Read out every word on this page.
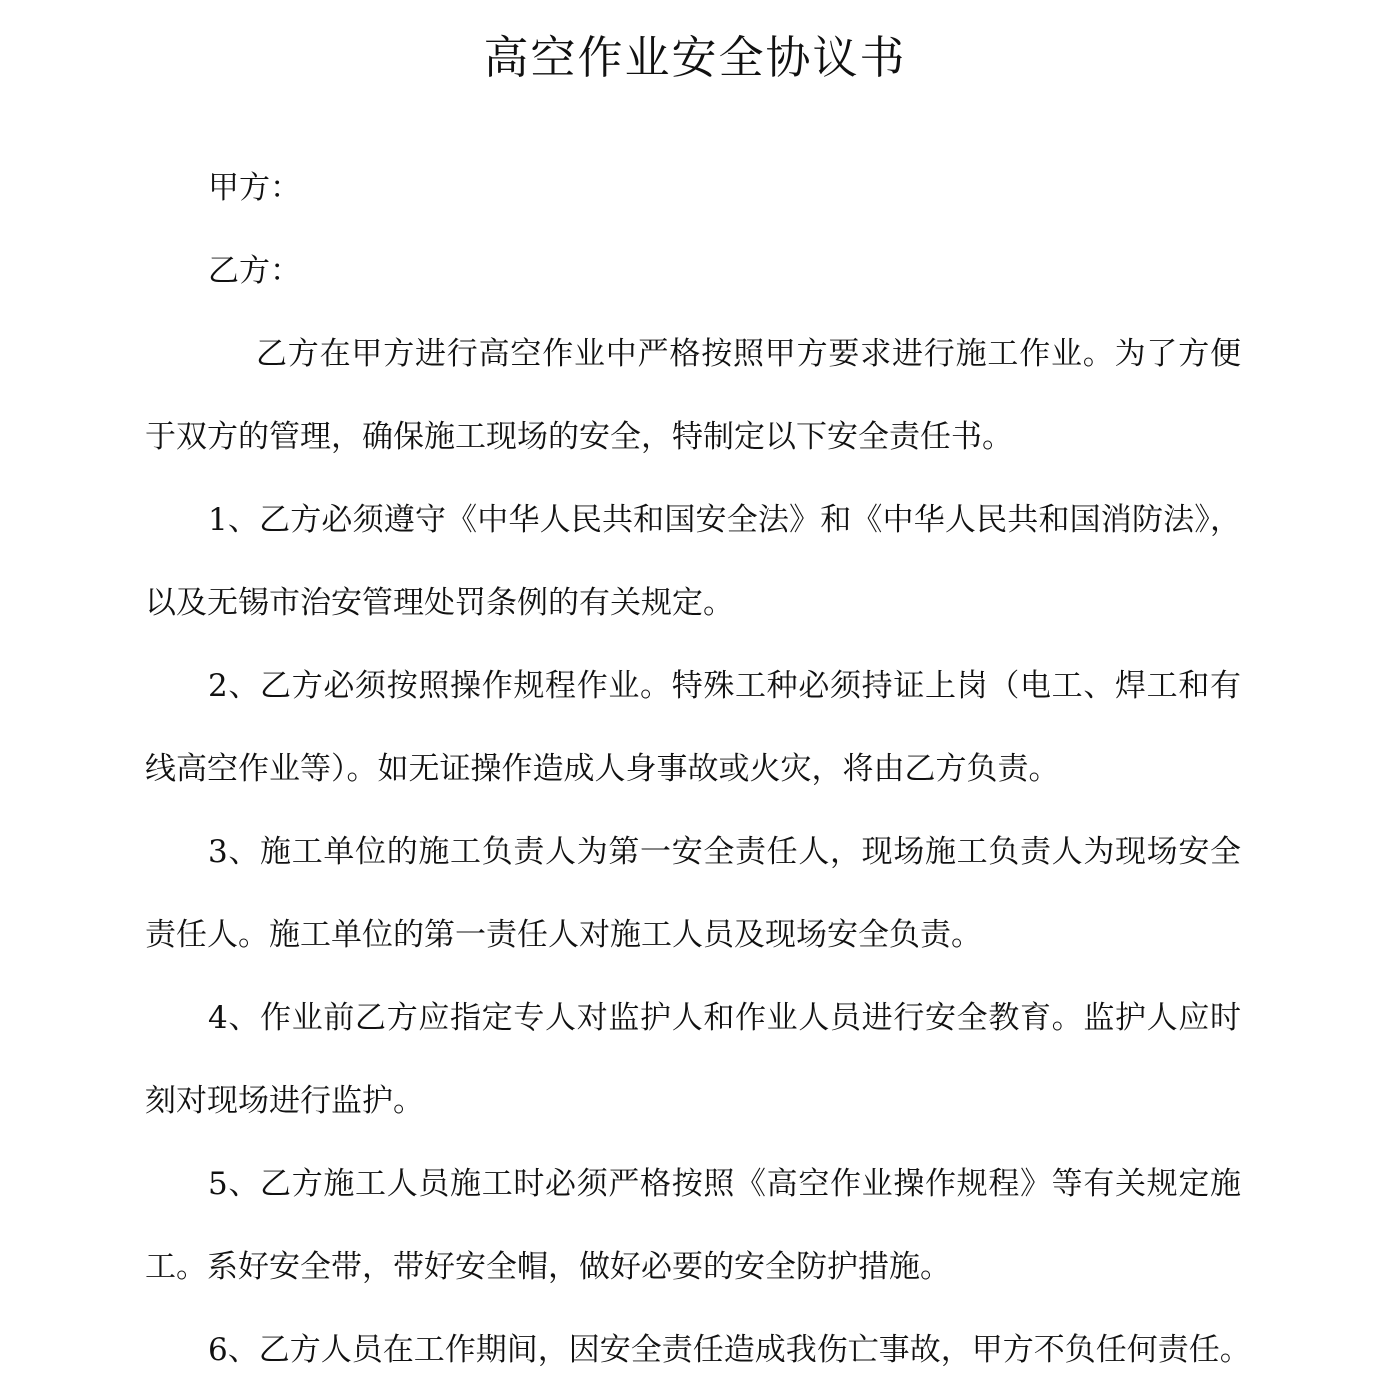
高空作业安全协议书
甲方：
乙方：
乙方在甲方进行高空作业中严格按照甲方要求进行施工作业。为了方便
于双方的管理，确保施工现场的安全，特制定以下安全责任书。
1、乙方必须遵守《中华人民共和国安全法》和《中华人民共和国消防法》，
以及无锡市治安管理处罚条例的有关规定。
2、乙方必须按照操作规程作业。特殊工种必须持证上岗（电工、焊工和有
线高空作业等）。如无证操作造成人身事故或火灾，将由乙方负责。
3、施工单位的施工负责人为第一安全责任人，现场施工负责人为现场安全
责任人。施工单位的第一责任人对施工人员及现场安全负责。
4、作业前乙方应指定专人对监护人和作业人员进行安全教育。监护人应时
刻对现场进行监护。
5、乙方施工人员施工时必须严格按照《高空作业操作规程》等有关规定施
工。系好安全带，带好安全帽，做好必要的安全防护措施。
6、乙方人员在工作期间，因安全责任造成我伤亡事故，甲方不负任何责任。
